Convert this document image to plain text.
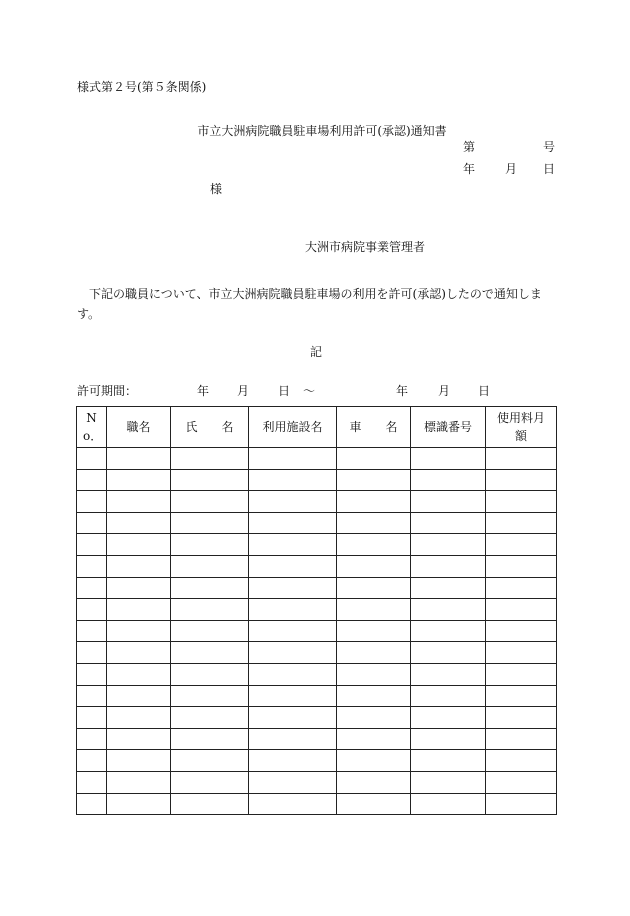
様式第２号(第５条関係)
市立大洲病院職員駐車場利用許可(承認)通知書
第	号
年 月 日
様
大洲市病院事業管理者
下記の職員について、市立大洲病院職員駐車場の利用を許可(承認)したので通知します。
記
許可期間：	年 月 日 ～	年 月 日
No．	職名	氏　　名	利用施設名	車　　名	標識番号	使用料月額
